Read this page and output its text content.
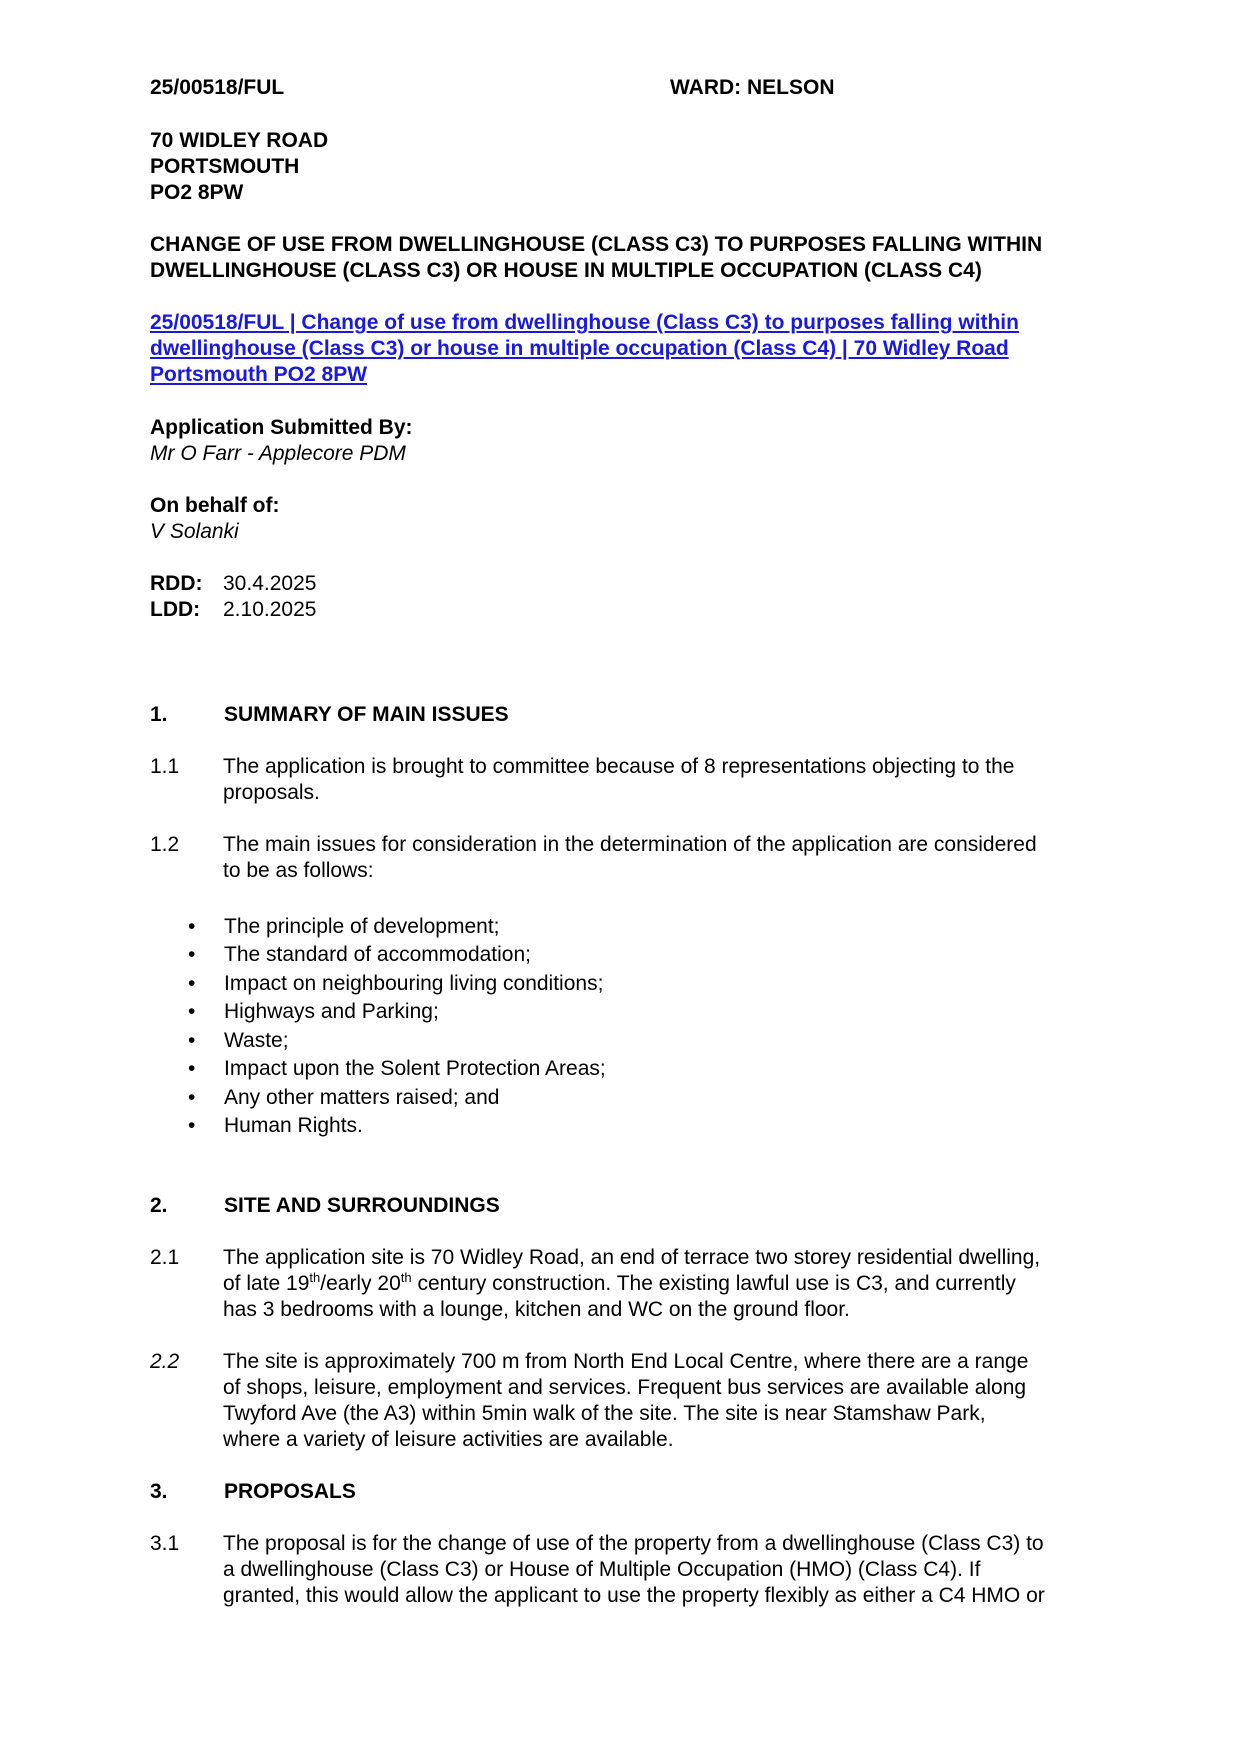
25/00518/FUL	WARD: NELSON
70 WIDLEY ROAD
PORTSMOUTH
PO2 8PW
CHANGE OF USE FROM DWELLINGHOUSE (CLASS C3) TO PURPOSES FALLING WITHIN
DWELLINGHOUSE (CLASS C3) OR HOUSE IN MULTIPLE OCCUPATION (CLASS C4)
25/00518/FUL | Change of use from dwellinghouse (Class C3) to purposes falling within
dwellinghouse (Class C3) or house in multiple occupation (Class C4) | 70 Widley Road
Portsmouth PO2 8PW
Application Submitted By:
Mr O Farr - Applecore PDM
On behalf of:
V Solanki
RDD: 30.4.2025
LDD: 2.10.2025
1.	SUMMARY OF MAIN ISSUES
1.1 The application is brought to committee because of 8 representations objecting to the
proposals.
1.2 The main issues for consideration in the determination of the application are considered
to be as follows:
• The principle of development;
• The standard of accommodation;
• Impact on neighbouring living conditions;
• Highways and Parking;
• Waste;
• Impact upon the Solent Protection Areas;
• Any other matters raised; and
• Human Rights.
2.	SITE AND SURROUNDINGS
2.1 The application site is 70 Widley Road, an end of terrace two storey residential dwelling,
of late 19th/early 20th century construction. The existing lawful use is C3, and currently
has 3 bedrooms with a lounge, kitchen and WC on the ground floor.
2.2 The site is approximately 700 m from North End Local Centre, where there are a range
of shops, leisure, employment and services. Frequent bus services are available along
Twyford Ave (the A3) within 5min walk of the site. The site is near Stamshaw Park,
where a variety of leisure activities are available.
3.	PROPOSALS
3.1 The proposal is for the change of use of the property from a dwellinghouse (Class C3) to
a dwellinghouse (Class C3) or House of Multiple Occupation (HMO) (Class C4). If
granted, this would allow the applicant to use the property flexibly as either a C4 HMO or
